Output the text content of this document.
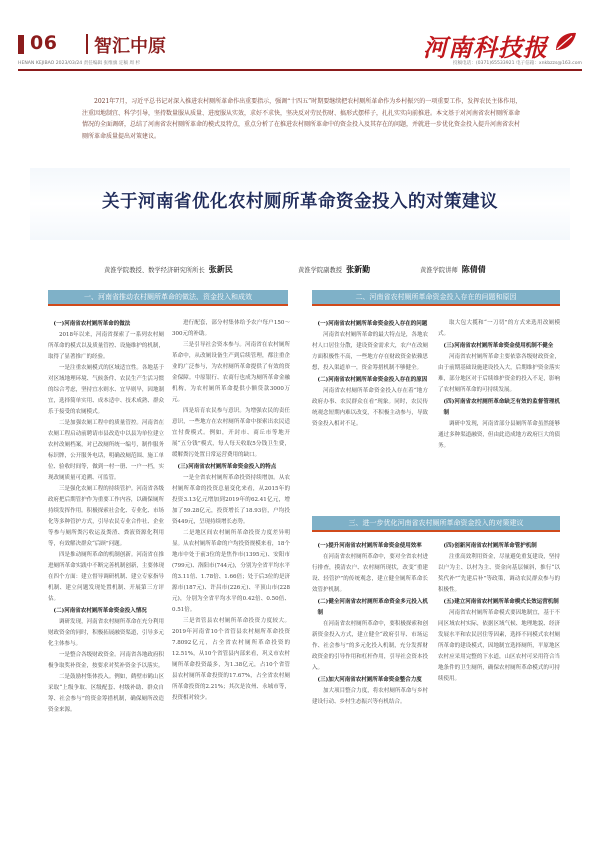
06 智汇中原	河南科技报
HENAN KEJIBAO 2023/03/24 责任编辑 张维旗 定稿 周 杉	投稿电话：(0371)65533921 电子信箱：xnkbzzs@163.com
2021年7月，习近平总书记对深入推进农村厕所革命作出重要指示，强调“十四五”时期要继续把农村厕所革命作为乡村振兴的一项重要工作，发挥农民主体作用，注重因地制宜、科学引导，坚持数量服从质量、进度服从实效，求好不求快，坚决反对劳民伤财、搞形式摆样子，扎扎实实向前推进。本文基于对河南省农村厕所革命情况的全面调研，总结了河南省农村厕所革命的模式及特点，重点分析了在推进农村厕所革命中的资金投入及其存在的问题，并就进一步优化资金投入提升河南省农村厕所革命质量提出对策建议。
关于河南省优化农村厕所革命资金投入的对策建议
黄淮学院教授、数学经济研究所所长 张新民	黄淮学院副教授 张新勤	黄淮学院讲师 陈倩倩
一、河南省推动农村厕所革命的做法、资金投入和成效	二、河南省农村厕所革命资金投入存在的问题和原因
三、进一步优化河南省农村厕所革命资金投入的对策建议

(一)河南省农村厕所革命的做法

2018年以来，河南省探索了一系列农村厕所革命的模式以及质量管控、设施维护的机制，取得了显著推广的经验。

一是注重农厕模式的区域适宜性。各地基于对区域地理环境、气候条件、农民生产生活习惯的综合考虑，坚持宜水则水、宜旱则旱，因地制宜，选择简单实用、成本适中、技术成熟、群众乐于接受的农厕模式。

二是加强农厕工程中的质量管控。河南省在农厕工程启动前聘请市县改造中以县为单位建立农村改厕档案，对已改厕所统一编号，制作服务标识牌，公开服务电话，明确改厕范围、施工单位、验收时间等，做到一村一册、一户一档，实现改厕质量可追溯、可监管。

三是强化农厕工程的持续管护。河南省各级政府把后期管护作为重要工作内容，以确保厕所持续发挥作用。积极探索社会化、专业化、市场化等多种管护方式，引导农民专业合作社、企业等参与厕所粪污收运及粪渣、粪液资源化利用等，有效解决群众“后顾”问题。

四是推动厕所革命的机制创新。河南省在推进厕所革命实践中不断完善机制创新，主要体现在四个方面：建立督导调研机制、建立专家指导机制、建立问题发现处置机制、开展第三方评估。

(二)河南省农村厕所革命资金投入情况

调研发现，河南省农村厕所革命在充分利用财政资金的同时，积极拓展融资渠道，引导多元化主体参与。

一是整合各级财政资金。河南省各地政府积极争取奖补资金，按要求对奖补资金予以落实。

二是鼓励村集体投入。例如，鹤壁市鹤山区采取“上级争取、区级配套、村级补助、群众自筹、社会参与”的资金筹措机制，确保厕所改造资金来源。

进行配套，部分村集体给予农户每户150～300元的补助。

三是引导社会资本参与。河南省在农村厕所革命中，从改厕设备生产到后续管理，都注重企业的广泛参与，为农村厕所革命提供了有效的资金保障。中原银行、农商行也成为厕所革命金融机构，为农村厕所革命提供小额贷款3000万元。

四是培育农民参与意识。为增强农民的责任意识，一些地方在农村厕所革命中探索出农民适宜付费模式。例如，开封市、商丘市等地开展“五分钱”模式，每人每天收取5分钱卫生费，缓解粪污处置日常运营费用的缺口。

(三)河南省农村厕所革命资金投入的特点

一是全省农村厕所革命投资持续增加。从农村厕所革命的投资总量变化来看，从2015年的投资3.13亿元增加到2019年的62.41亿元，增加了59.28亿元，投资增长了18.93倍，户均投资449元，呈现持续增长态势。

二是地区间农村厕所革命投资力度差异明显。从农村厕所革命的户均投资规模来看，18个地市中处于前3位的是焦作市(1395元)、安阳市(799元)、洛阳市(744元)，分别为全省平均水平的3.11倍、1.78倍、1.66倍；处于后3位的是济源市(187元)、许昌市(226元)、平顶山市(228元)，分别为全省平均水平的0.42倍、0.50倍、0.51倍。

三是省管县农村厕所革命投资力度较大。2019年河南省10个省管县农村厕所革命投资7.8092亿元，占全省农村厕所革命投资的12.51%，从10个省管县内部来看，巩义市农村厕所革命投资最多，为1.38亿元，占10个省管县农村厕所革命投资的17.67%，占全省农村厕所革命投资的2.21%；其次是汝州、永城市等，投资相对较少。

(一)河南省农村厕所革命资金投入存在的问题

河南省农村厕所革命的最大特点是，各地农村人口居住分散，建设资金需求大，农户在改厕方面积极性不高，一些地方存在财政资金依赖思想，投入渠道单一，资金筹措机制不够健全。

(二)河南省农村厕所革命资金投入存在的原因

河南省农村厕所革命资金投入存在着“地方政府办事、农民群众在看”现象。同时，农民传统观念短期内难以改变，不积极主动参与，导致资金投入相对不足。

取大包大揽和“一刀切”的方式来选用改厕模式。

(三)河南省农村厕所革命资金使用机制不健全

河南省农村厕所革命主要依靠各级财政资金，由于前期基础设施建设投入大，后期维护资金落实难，部分地区对于后续维护资金的投入不足，影响了农村厕所革命的可持续发展。

(四)河南省农村厕所革命缺乏有效的监督管理机制

调研中发现，河南省部分县厕所革命虽然能够通过多种渠道融资，但由此造成地方政府巨大的债务。

(一)提升河南省农村厕所革命资金使用效率

在河南省农村厕所革命中，要对全省农村进行排查，摸清农户、农村厕所现状，改变“重建设、轻管护”的传统观念，建立健全厕所革命长效管护机制。

(二)健全河南省农村厕所革命资金多元投入机制

在河南省农村厕所革命中，要积极探索和创新资金投入方式，建立健全“政府引导、市场运作、社会参与”的多元化投入机制，充分发挥财政资金的引导作用和杠杆作用，引导社会资本投入。

(三)加大河南省农村厕所革命资金整合力度

加大项目整合力度，将农村厕所革命与乡村建设行动、乡村生态振兴等有机结合。

(四)创新河南省农村厕所革命管护机制

注重高效利用资金，尽量避免重复建设，坚持以户为主、以村为主、资金向基层倾斜，推行“以奖代补”“先建后补”等政策，调动农民群众参与的积极性。

(五)建立河南省农村厕所革命模式长效运营机制

河南省农村厕所革命模式要因地制宜，基于不同区域农村实际，依据区域气候、地理地貌、经济发展水平和农民居住等因素，选择不同模式农村厕所革命的建设模式，因地制宜选择厕所，平原地区农村应采用完整的下水道，山区农村可采用符合当地条件的卫生厕所，确保农村厕所革命模式的可持续使用。
